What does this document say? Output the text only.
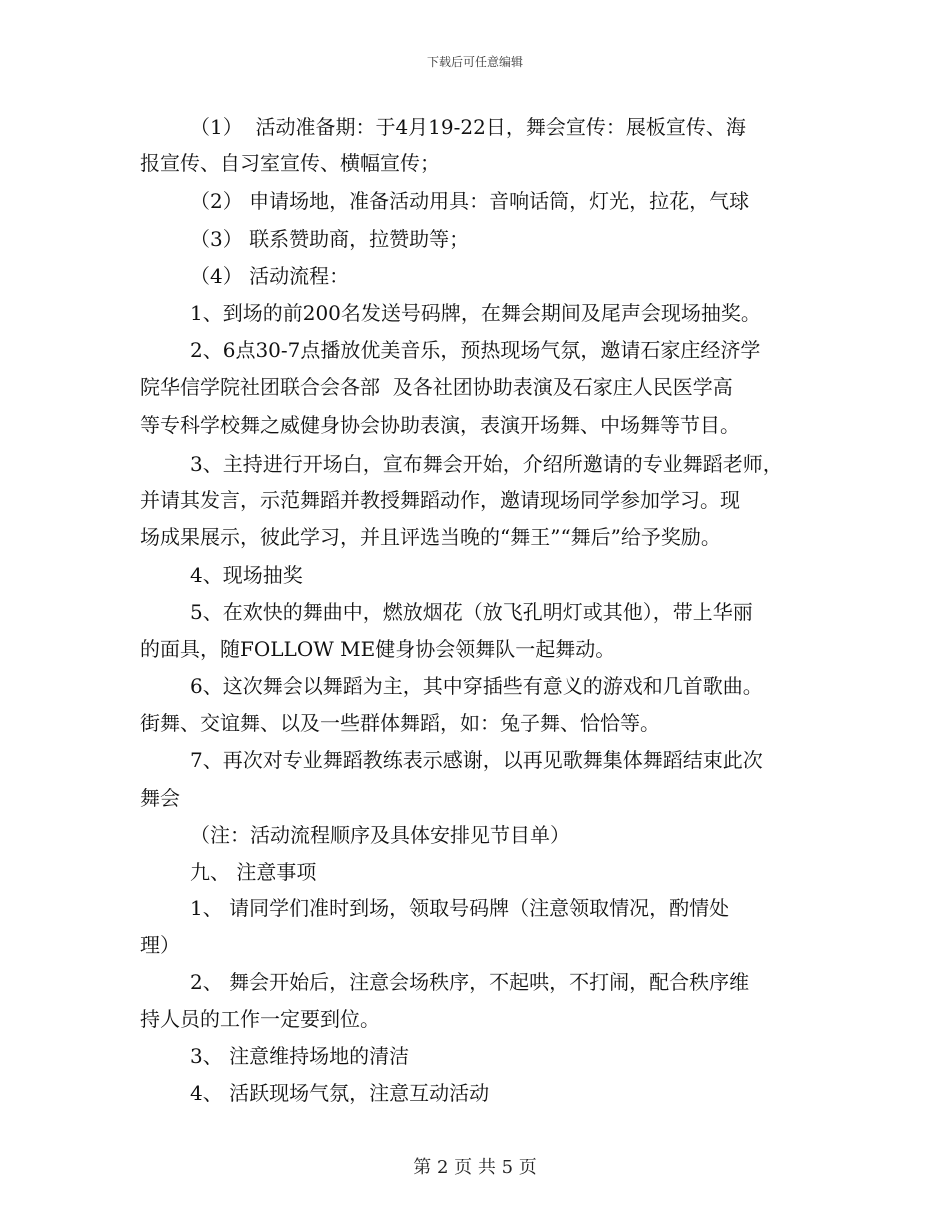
下载后可任意编辑
（1）  活动准备期：于4月19-22日，舞会宣传：展板宣传、海
报宣传、自习室宣传、横幅宣传；
（2） 申请场地，准备活动用具：音响话筒，灯光，拉花，气球
（3） 联系赞助商，拉赞助等；
（4） 活动流程：
1、到场的前200名发送号码牌，在舞会期间及尾声会现场抽奖。
2、6点30-7点播放优美音乐，预热现场气氛，邀请石家庄经济学
院华信学院社团联合会各部  及各社团协助表演及石家庄人民医学高
等专科学校舞之威健身协会协助表演，表演开场舞、中场舞等节目。
3、主持进行开场白，宣布舞会开始，介绍所邀请的专业舞蹈老师，
并请其发言，示范舞蹈并教授舞蹈动作，邀请现场同学参加学习。现
场成果展示，彼此学习，并且评选当晚的“舞王”“舞后”给予奖励。
4、现场抽奖
5、在欢快的舞曲中，燃放烟花（放飞孔明灯或其他），带上华丽
的面具，随FOLLOW ME健身协会领舞队一起舞动。
6、这次舞会以舞蹈为主，其中穿插些有意义的游戏和几首歌曲。
街舞、交谊舞、以及一些群体舞蹈，如：兔子舞、恰恰等。
7、再次对专业舞蹈教练表示感谢，以再见歌舞集体舞蹈结束此次
舞会
（注：活动流程顺序及具体安排见节目单）
九、 注意事项
1、 请同学们准时到场，领取号码牌（注意领取情况，酌情处
理）
2、 舞会开始后，注意会场秩序，不起哄，不打闹，配合秩序维
持人员的工作一定要到位。
3、 注意维持场地的清洁
4、 活跃现场气氛，注意互动活动
第 2 页 共 5 页
